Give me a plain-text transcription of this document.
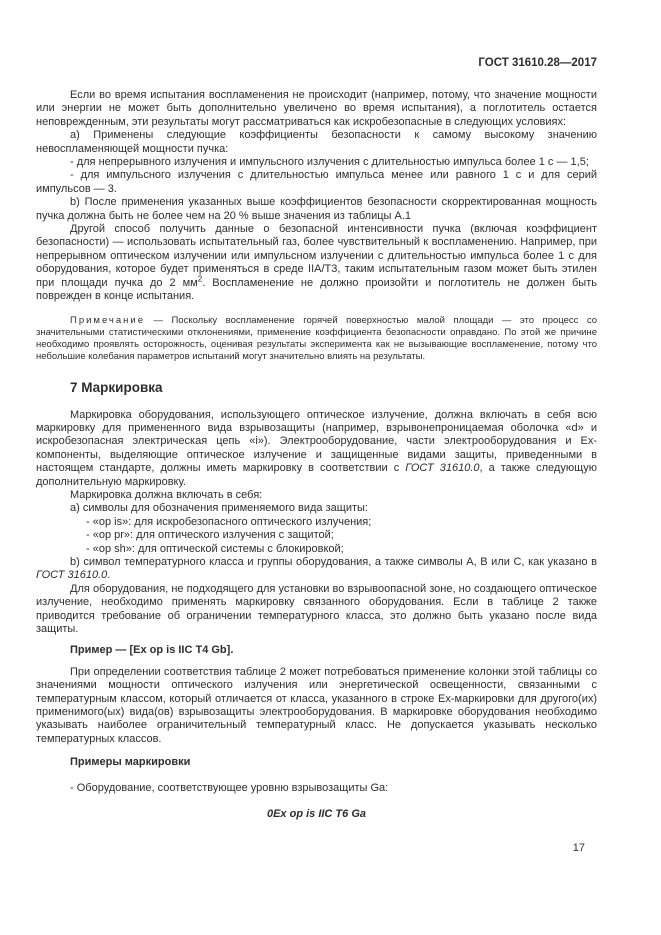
ГОСТ 31610.28—2017

Если во время испытания воспламенения не происходит (например, потому, что значение мощности или энергии не может быть дополнительно увеличено во время испытания), а поглотитель остается неповрежденным, эти результаты могут рассматриваться как искробезопасные в следующих условиях:

а) Применены следующие коэффициенты безопасности к самому высокому значению невоспламеняющей мощности пучка:

- для непрерывного излучения и импульсного излучения с длительностью импульса более 1 с — 1,5;

- для импульсного излучения с длительностью импульса менее или равного 1 с и для серий импульсов — 3.

b) После применения указанных выше коэффициентов безопасности скорректированная мощность пучка должна быть не более чем на 20 % выше значения из таблицы А.1

Другой способ получить данные о безопасной интенсивности пучка (включая коэффициент безопасности) — использовать испытательный газ, более чувствительный к воспламенению. Например, при непрерывном оптическом излучении или импульсном излучении с длительностью импульса более 1 с для оборудования, которое будет применяться в среде IIA/T3, таким испытательным газом может быть этилен при площади пучка до 2 $мм^2$. Воспламенение не должно произойти и поглотитель не должен быть поврежден в конце испытания.

Примечание — Поскольку воспламенение горячей поверхностью малой площади — это процесс со значительными статистическими отклонениями, применение коэффициента безопасности оправдано. По этой же причине необходимо проявлять осторожность, оценивая результаты эксперимента как не вызывающие воспламенение, потому что небольшие колебания параметров испытаний могут значительно влиять на результаты.

7 Маркировка

Маркировка оборудования, использующего оптическое излучение, должна включать в себя всю маркировку для примененного вида взрывозащиты (например, взрывонепроницаемая оболочка «d» и искробезопасная электрическая цепь «i»). Электрооборудование, части электрооборудования и Ех-компоненты, выделяющие оптическое излучение и защищенные видами защиты, приведенными в настоящем стандарте, должны иметь маркировку в соответствии с ГОСТ 31610.0, а также следующую дополнительную маркировку.

Маркировка должна включать в себя:

а) символы для обозначения применяемого вида защиты:

- «op is»: для искробезопасного оптического излучения;

- «op pr»: для оптического излучения с защитой;

- «op sh»: для оптической системы с блокировкой;

b) символ температурного класса и группы оборудования, а также символы А, В или С, как указано в ГОСТ 31610.0.

Для оборудования, не подходящего для установки во взрывоопасной зоне, но создающего оптическое излучение, необходимо применять маркировку связанного оборудования. Если в таблице 2 также приводится требование об ограничении температурного класса, это должно быть указано после вида защиты.

Пример — [Ex op is IIC T4 Gb].

При определении соответствия таблице 2 может потребоваться применение колонки этой таблицы со значениями мощности оптического излучения или энергетической освещенности, связанными с температурным классом, который отличается от класса, указанного в строке Ех-маркировки для другого(их) применимого(ых) вида(ов) взрывозащиты электрооборудования. В маркировке оборудования необходимо указывать наиболее ограничительный температурный класс. Не допускается указывать несколько температурных классов.

Примеры маркировки

- Оборудование, соответствующее уровню взрывозащиты Ga:

0Ex op is IIC T6 Ga

17
